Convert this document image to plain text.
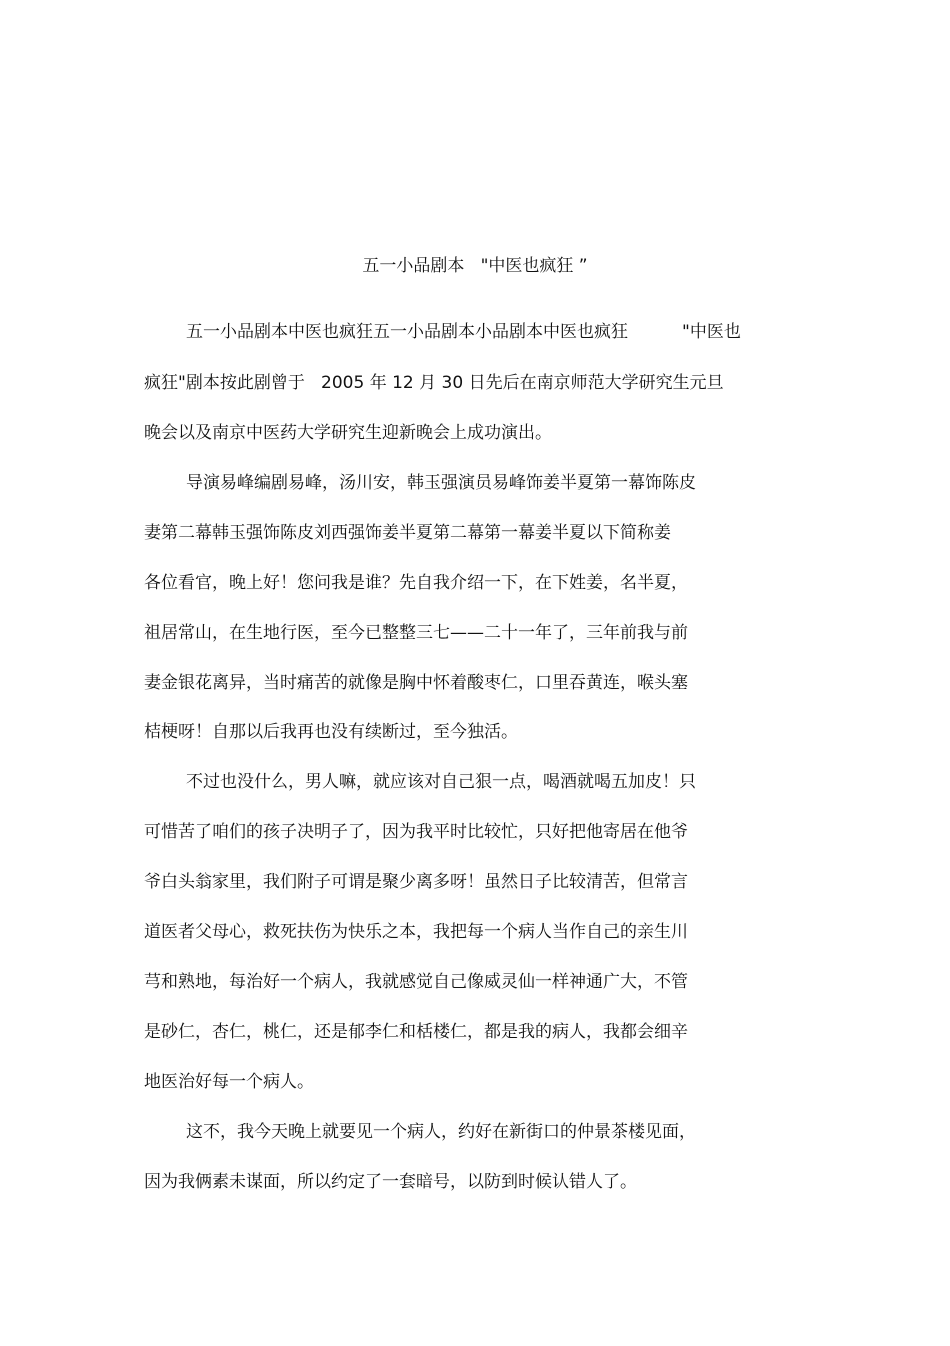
五一小品剧本   "中医也疯狂 ”
五一小品剧本中医也疯狂五一小品剧本小品剧本中医也疯狂          "中医也
疯狂"剧本按此剧曾于   2005 年 12 月 30 日先后在南京师范大学研究生元旦
晚会以及南京中医药大学研究生迎新晚会上成功演出。
导演易峰编剧易峰，汤川安，韩玉强演员易峰饰姜半夏第一幕饰陈皮
妻第二幕韩玉强饰陈皮刘西强饰姜半夏第二幕第一幕姜半夏以下简称姜
各位看官，晚上好！您问我是谁？先自我介绍一下，在下姓姜，名半夏，
祖居常山，在生地行医，至今已整整三七——二十一年了，三年前我与前
妻金银花离异，当时痛苦的就像是胸中怀着酸枣仁，口里吞黄连，喉头塞
桔梗呀！自那以后我再也没有续断过，至今独活。
不过也没什么，男人嘛，就应该对自己狠一点，喝酒就喝五加皮！只
可惜苦了咱们的孩子决明子了，因为我平时比较忙，只好把他寄居在他爷
爷白头翁家里，我们附子可谓是聚少离多呀！虽然日子比较清苦，但常言
道医者父母心，救死扶伤为快乐之本，我把每一个病人当作自己的亲生川
芎和熟地，每治好一个病人，我就感觉自己像威灵仙一样神通广大，不管
是砂仁，杏仁，桃仁，还是郁李仁和栝楼仁，都是我的病人，我都会细辛
地医治好每一个病人。
这不，我今天晚上就要见一个病人，约好在新街口的仲景茶楼见面，
因为我俩素未谋面，所以约定了一套暗号，以防到时候认错人了。
